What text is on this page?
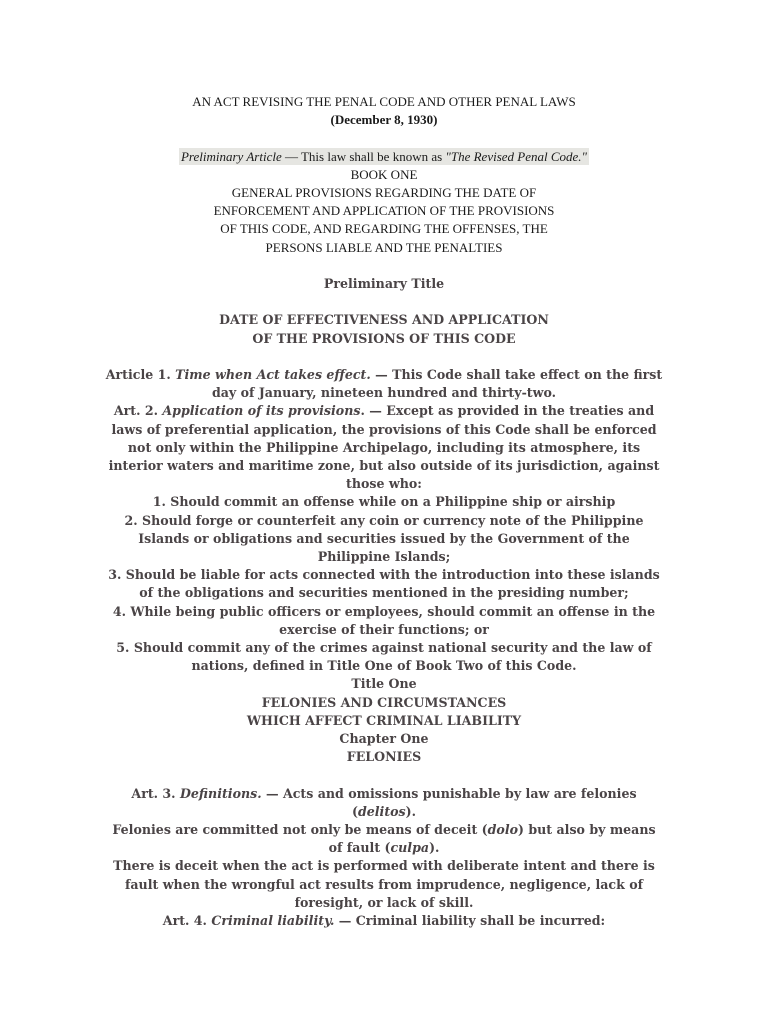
AN ACT REVISING THE PENAL CODE AND OTHER PENAL LAWS
(December 8, 1930)
Preliminary Article — This law shall be known as "The Revised Penal Code."
BOOK ONE
GENERAL PROVISIONS REGARDING THE DATE OF
ENFORCEMENT AND APPLICATION OF THE PROVISIONS
OF THIS CODE, AND REGARDING THE OFFENSES, THE
PERSONS LIABLE AND THE PENALTIES
Preliminary Title
DATE OF EFFECTIVENESS AND APPLICATION
OF THE PROVISIONS OF THIS CODE
Article 1. Time when Act takes effect. — This Code shall take effect on the first
day of January, nineteen hundred and thirty-two.
Art. 2. Application of its provisions. — Except as provided in the treaties and
laws of preferential application, the provisions of this Code shall be enforced
not only within the Philippine Archipelago, including its atmosphere, its
interior waters and maritime zone, but also outside of its jurisdiction, against
those who:
1. Should commit an offense while on a Philippine ship or airship
2. Should forge or counterfeit any coin or currency note of the Philippine
Islands or obligations and securities issued by the Government of the
Philippine Islands;
3. Should be liable for acts connected with the introduction into these islands
of the obligations and securities mentioned in the presiding number;
4. While being public officers or employees, should commit an offense in the
exercise of their functions; or
5. Should commit any of the crimes against national security and the law of
nations, defined in Title One of Book Two of this Code.
Title One
FELONIES AND CIRCUMSTANCES
WHICH AFFECT CRIMINAL LIABILITY
Chapter One
FELONIES
Art. 3. Definitions. — Acts and omissions punishable by law are felonies
(delitos).
Felonies are committed not only be means of deceit (dolo) but also by means
of fault (culpa).
There is deceit when the act is performed with deliberate intent and there is
fault when the wrongful act results from imprudence, negligence, lack of
foresight, or lack of skill.
Art. 4. Criminal liability. — Criminal liability shall be incurred:
